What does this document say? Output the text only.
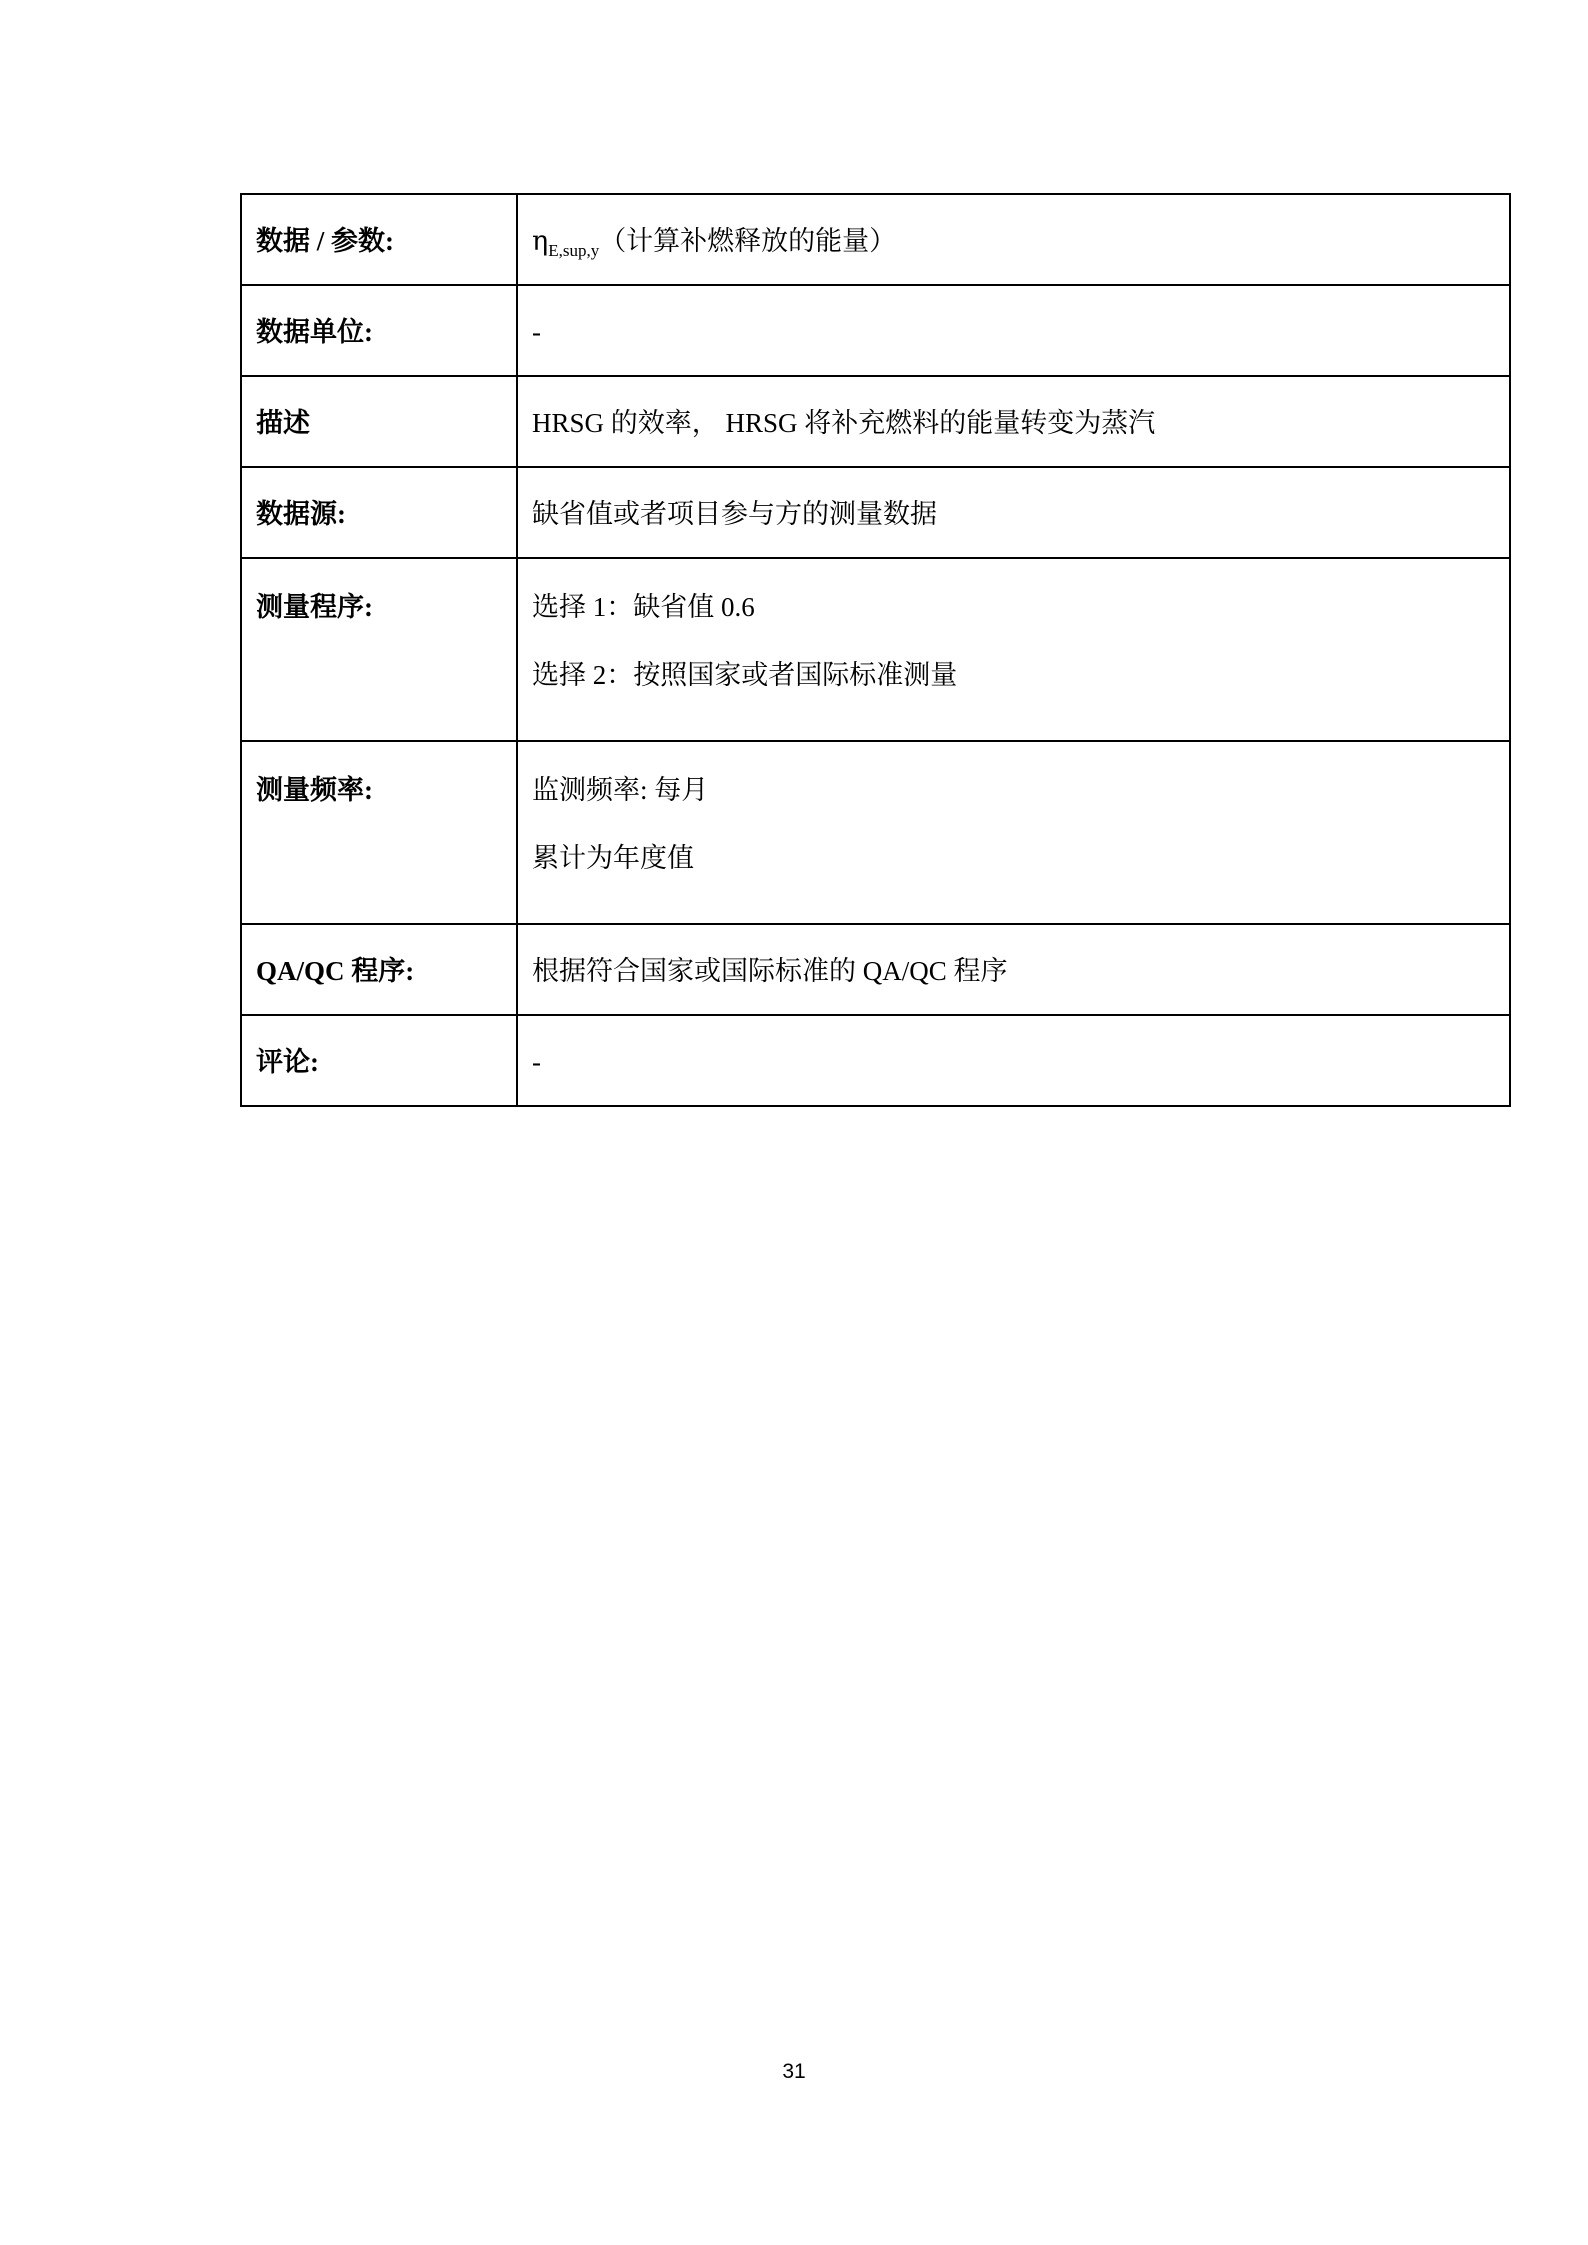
数据 / 参数:	$\eta_{E,sup,y}$（计算补燃释放的能量）

数据单位:	-

描述	HRSG 的效率， HRSG 将补充燃料的能量转变为蒸汽

数据源:	缺省值或者项目参与方的测量数据

测量程序:	选择 1：缺省值 0.6
选择 2：按照国家或者国际标准测量

测量频率:	监测频率: 每月
累计为年度值

QA/QC 程序:	根据符合国家或国际标准的 QA/QC 程序

评论:	-
31
